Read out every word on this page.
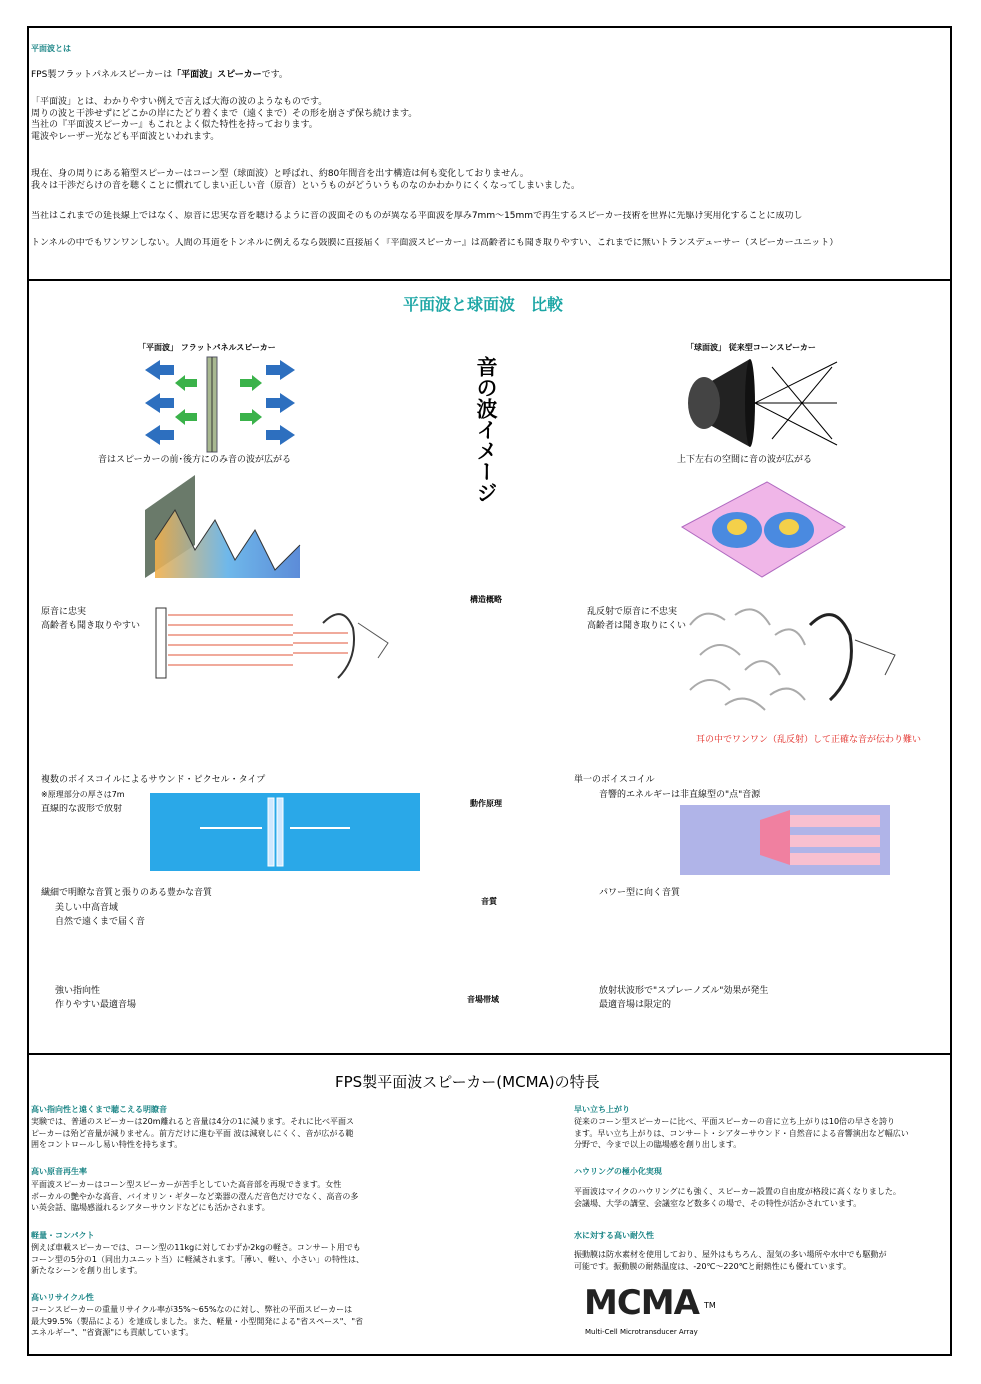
平面波とは
FPS製フラットパネルスピーカーは「平面波」スピーカーです。
「平面波」とは、わかりやすい例えで言えば大海の波のようなものです。
周りの波と干渉せずにどこかの岸にたどり着くまで（遠くまで）その形を崩さず保ち続けます。
当社の『平面波スピーカー』もこれとよく似た特性を持っております。
電波やレーザー光なども平面波といわれます。
現在、身の周りにある箱型スピーカーはコーン型（球面波）と呼ばれ、約80年間音を出す構造は何も変化しておりません。
我々は干渉だらけの音を聴くことに慣れてしまい正しい音（原音）というものがどういうものなのかわかりにくくなってしまいました。
当社はこれまでの延長線上ではなく、原音に忠実な音を聴けるように音の波面そのものが異なる平面波を厚み7mm～15mmで再生するスピーカー技術を世界に先駆け実用化することに成功し
トンネルの中でもワンワンしない。人間の耳道をトンネルに例えるなら鼓膜に直接届く『平面波スピーカー』は高齢者にも聞き取りやすい、これまでに無いトランスデューサー（スピーカーユニット）
平面波と球面波　比較
「平面波」 フラットパネルスピーカー	「球面波」 従来型コーンスピーカー
音の波イメージ
音はスピーカーの前･後方にのみ音の波が広がる	上下左右の空間に音の波が広がる
構造概略
原音に忠実
高齢者も聞き取りやすい
乱反射で原音に不忠実
高齢者は聞き取りにくい
耳の中でワンワン（乱反射）して正確な音が伝わり難い
複数のボイスコイルによるサウンド・ピクセル・タイプ
※原理部分の厚さは7m
直線的な波形で放射
動作原理
単一のボイスコイル
音響的エネルギーは非直線型の"点"音源
繊細で明瞭な音質と張りのある豊かな音質
美しい中高音域
自然で遠くまで届く音
音質
パワー型に向く音質
強い指向性
作りやすい最適音場
音場帯域
放射状波形で"スプレーノズル"効果が発生
最適音場は限定的
FPS製平面波スピーカー(MCMA)の特長
高い指向性と遠くまで聴こえる明瞭音
実験では、普通のスピーカーは20m離れると音量は4分の1に減ります。それに比べ平面ス
ピーカーは殆ど音量が減りません。前方だけに進む平面 波は減衰しにくく、音が広がる範
囲をコントロールし易い特性を持ちます。
高い原音再生率
平面波スピーカーはコーン型スピーカーが苦手としていた高音部を再現できます。女性
ボーカルの艶やかな高音、バイオリン・ギターなど楽器の澄んだ音色だけでなく、高音の多
い英会話、臨場感溢れるシアターサウンドなどにも活かされます。
軽量・コンパクト
例えば車載スピーカーでは、コーン型の11kgに対してわずか2kgの軽さ。コンサート用でも
コーン型の5分の1（同出力ユニット当）に軽減されます。「薄い、軽い、小さい」の特性は、
新たなシーンを創り出します。
高いリサイクル性
コーンスピーカーの重量リサイクル率が35%～65%なのに対し、弊社の平面スピーカーは
最大99.5%（製品による）を達成しました。また、軽量・小型開発による"省スペース"、"省
エネルギー"、"省資源"にも貢献しています。
早い立ち上がり
従来のコーン型スピーカーに比べ、平面スピーカーの音に立ち上がりは10倍の早さを誇り
ます。早い立ち上がりは、コンサート・シアターサウンド・自然音による音響演出など幅広い
分野で、今まで以上の臨場感を創り出します。
ハウリングの極小化実現
平面波はマイクのハウリングにも強く、スピーカー設置の自由度が格段に高くなりました。
会議場、大学の講堂、会議室など数多くの場で、その特性が活かされています。
水に対する高い耐久性
振動膜は防水素材を使用しており、屋外はもちろん、湿気の多い場所や水中でも駆動が
可能です。振動膜の耐熱温度は、-20℃～220℃と耐熱性にも優れています。
MCMA TM
Multi-Cell Microtransducer Array
